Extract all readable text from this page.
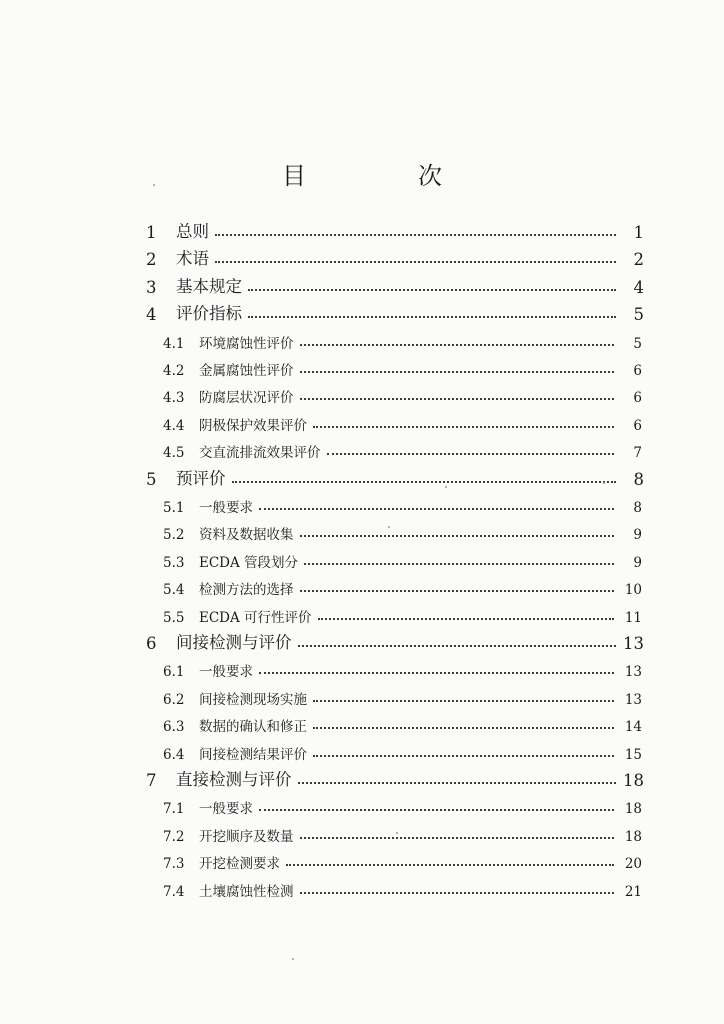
目　次
1	总则	1
2	术语	2
3	基本规定	4
4	评价指标	5
4.1	环境腐蚀性评价	5
4.2	金属腐蚀性评价	6
4.3	防腐层状况评价	6
4.4	阴极保护效果评价	6
4.5	交直流排流效果评价	7
5	预评价	8
5.1	一般要求	8
5.2	资料及数据收集	9
5.3	ECDA 管段划分	9
5.4	检测方法的选择	10
5.5	ECDA 可行性评价	11
6	间接检测与评价	13
6.1	一般要求	13
6.2	间接检测现场实施	13
6.3	数据的确认和修正	14
6.4	间接检测结果评价	15
7	直接检测与评价	18
7.1	一般要求	18
7.2	开挖顺序及数量	18
7.3	开挖检测要求	20
7.4	土壤腐蚀性检测	21
